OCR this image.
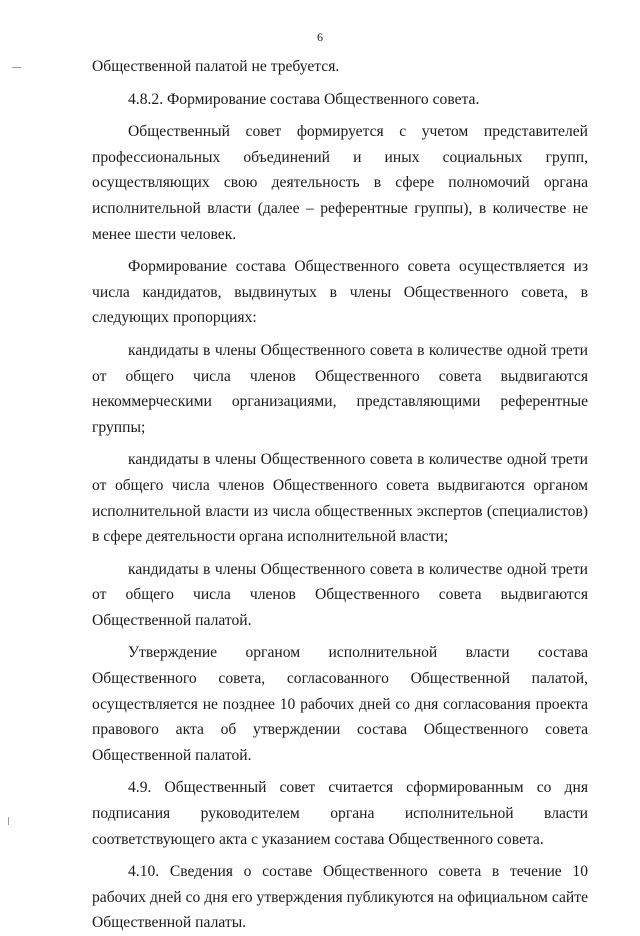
6

Общественной палатой не требуется.

4.8.2. Формирование состава Общественного совета.

Общественный совет формируется с учетом представителей профессиональных объединений и иных социальных групп, осуществляющих свою деятельность в сфере полномочий органа исполнительной власти (далее – референтные группы), в количестве не менее шести человек.

Формирование состава Общественного совета осуществляется из числа кандидатов, выдвинутых в члены Общественного совета, в следующих пропорциях:

кандидаты в члены Общественного совета в количестве одной трети от общего числа членов Общественного совета выдвигаются некоммерческими организациями, представляющими референтные группы;

кандидаты в члены Общественного совета в количестве одной трети от общего числа членов Общественного совета выдвигаются органом исполнительной власти из числа общественных экспертов (специалистов) в сфере деятельности органа исполнительной власти;

кандидаты в члены Общественного совета в количестве одной трети от общего числа членов Общественного совета выдвигаются Общественной палатой.

Утверждение органом исполнительной власти состава Общественного совета, согласованного Общественной палатой, осуществляется не позднее 10 рабочих дней со дня согласования проекта правового акта об утверждении состава Общественного совета Общественной палатой.

4.9. Общественный совет считается сформированным со дня подписания руководителем органа исполнительной власти соответствующего акта с указанием состава Общественного совета.

4.10. Сведения о составе Общественного совета в течение 10 рабочих дней со дня его утверждения публикуются на официальном сайте Общественной палаты.
